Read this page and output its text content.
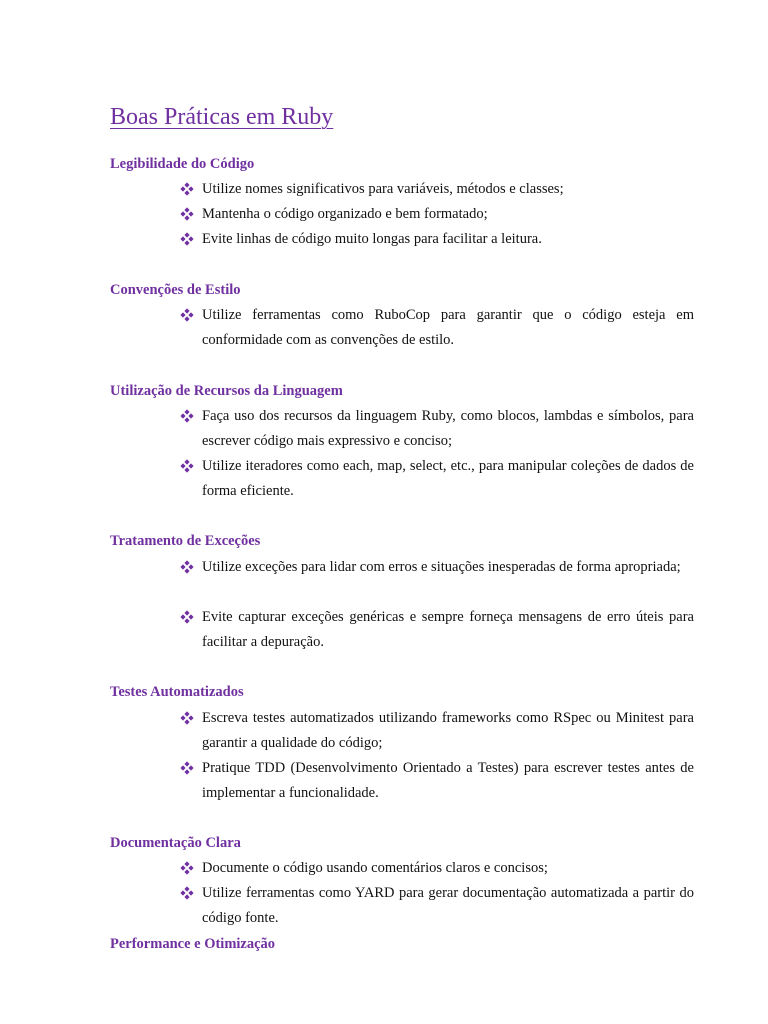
Boas Práticas em Ruby
Legibilidade do Código
Utilize nomes significativos para variáveis, métodos e classes;
Mantenha o código organizado e bem formatado;
Evite linhas de código muito longas para facilitar a leitura.
Convenções de Estilo
Utilize ferramentas como RuboCop para garantir que o código esteja em conformidade com as convenções de estilo.
Utilização de Recursos da Linguagem
Faça uso dos recursos da linguagem Ruby, como blocos, lambdas e símbolos, para escrever código mais expressivo e conciso;
Utilize iteradores como each, map, select, etc., para manipular coleções de dados de forma eficiente.
Tratamento de Exceções
Utilize exceções para lidar com erros e situações inesperadas de forma apropriada;
Evite capturar exceções genéricas e sempre forneça mensagens de erro úteis para facilitar a depuração.
Testes Automatizados
Escreva testes automatizados utilizando frameworks como RSpec ou Minitest para garantir a qualidade do código;
Pratique TDD (Desenvolvimento Orientado a Testes) para escrever testes antes de implementar a funcionalidade.
Documentação Clara
Documente o código usando comentários claros e concisos;
Utilize ferramentas como YARD para gerar documentação automatizada a partir do código fonte.
Performance e Otimização
